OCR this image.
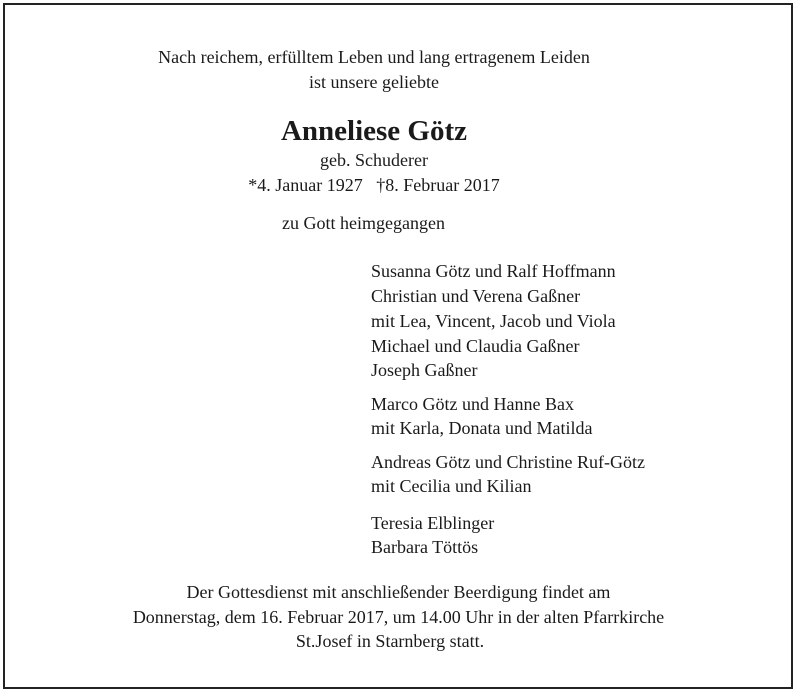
Nach reichem, erfülltem Leben und lang ertragenem Leiden
ist unsere geliebte
Anneliese Götz
geb. Schuderer
*4. Januar 1927   †8. Februar 2017
zu Gott heimgegangen
Susanna Götz und Ralf Hoffmann
Christian und Verena Gaßner
mit Lea, Vincent, Jacob und Viola
Michael und Claudia Gaßner
Joseph Gaßner
Marco Götz und Hanne Bax
mit Karla, Donata und Matilda
Andreas Götz und Christine Ruf-Götz
mit Cecilia und Kilian
Teresia Elblinger
Barbara Töttös
Der Gottesdienst mit anschließender Beerdigung findet am
Donnerstag, dem 16. Februar 2017, um 14.00 Uhr in der alten Pfarrkirche
St.Josef in Starnberg statt.
